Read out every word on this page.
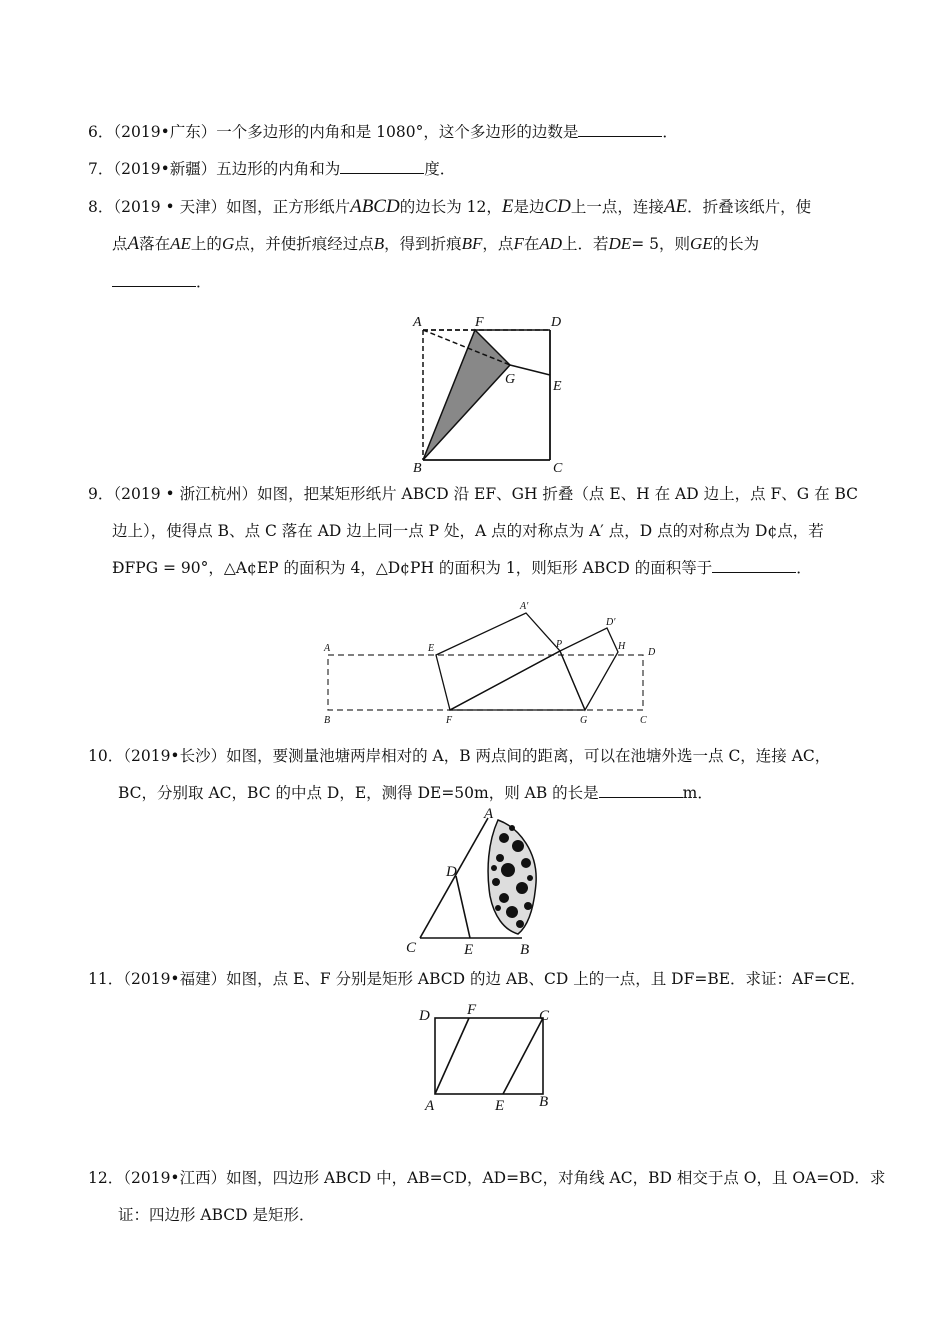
6．（2019•广东）一个多边形的内角和是 1080°，这个多边形的边数是	．
7．（2019•新疆）五边形的内角和为	度．
8．（2019 • 天津）如图，正方形纸片ABCD的边长为 12，E是边CD上一点，连接AE．折叠该纸片，使
点A落在AE上的G点，并使折痕经过点B，得到折痕BF，点F在AD上．若DE= 5，则GE的长为
．
A	F	D
G	E
B	C
9．（2019 • 浙江杭州）如图，把某矩形纸片 ABCD 沿 EF、GH 折叠（点 E、H 在 AD 边上，点 F、G 在 BC
边上），使得点 B、点 C 落在 AD 边上同一点 P 处，A 点的对称点为 A′ 点，D 点的对称点为 D¢点，若
ÐFPG = 90°，△A¢EP 的面积为 4，△D¢PH 的面积为 1，则矩形 ABCD 的面积等于	．
A	E
A′
P
D′
H
D
B	F	G	C
10．（2019•长沙）如图，要测量池塘两岸相对的 A，B 两点间的距离，可以在池塘外选一点 C，连接 AC，
BC，分别取 AC，BC 的中点 D，E，测得 DE=50m，则 AB 的长是	m．
A
D
C	E	B
11．（2019•福建）如图，点 E、F 分别是矩形 ABCD 的边 AB、CD 上的一点，且 DF=BE．求证：AF=CE．
D F	C
A	E B
12．（2019•江西）如图，四边形 ABCD 中，AB=CD，AD=BC，对角线 AC，BD 相交于点 O，且 OA=OD．求
证：四边形 ABCD 是矩形．
